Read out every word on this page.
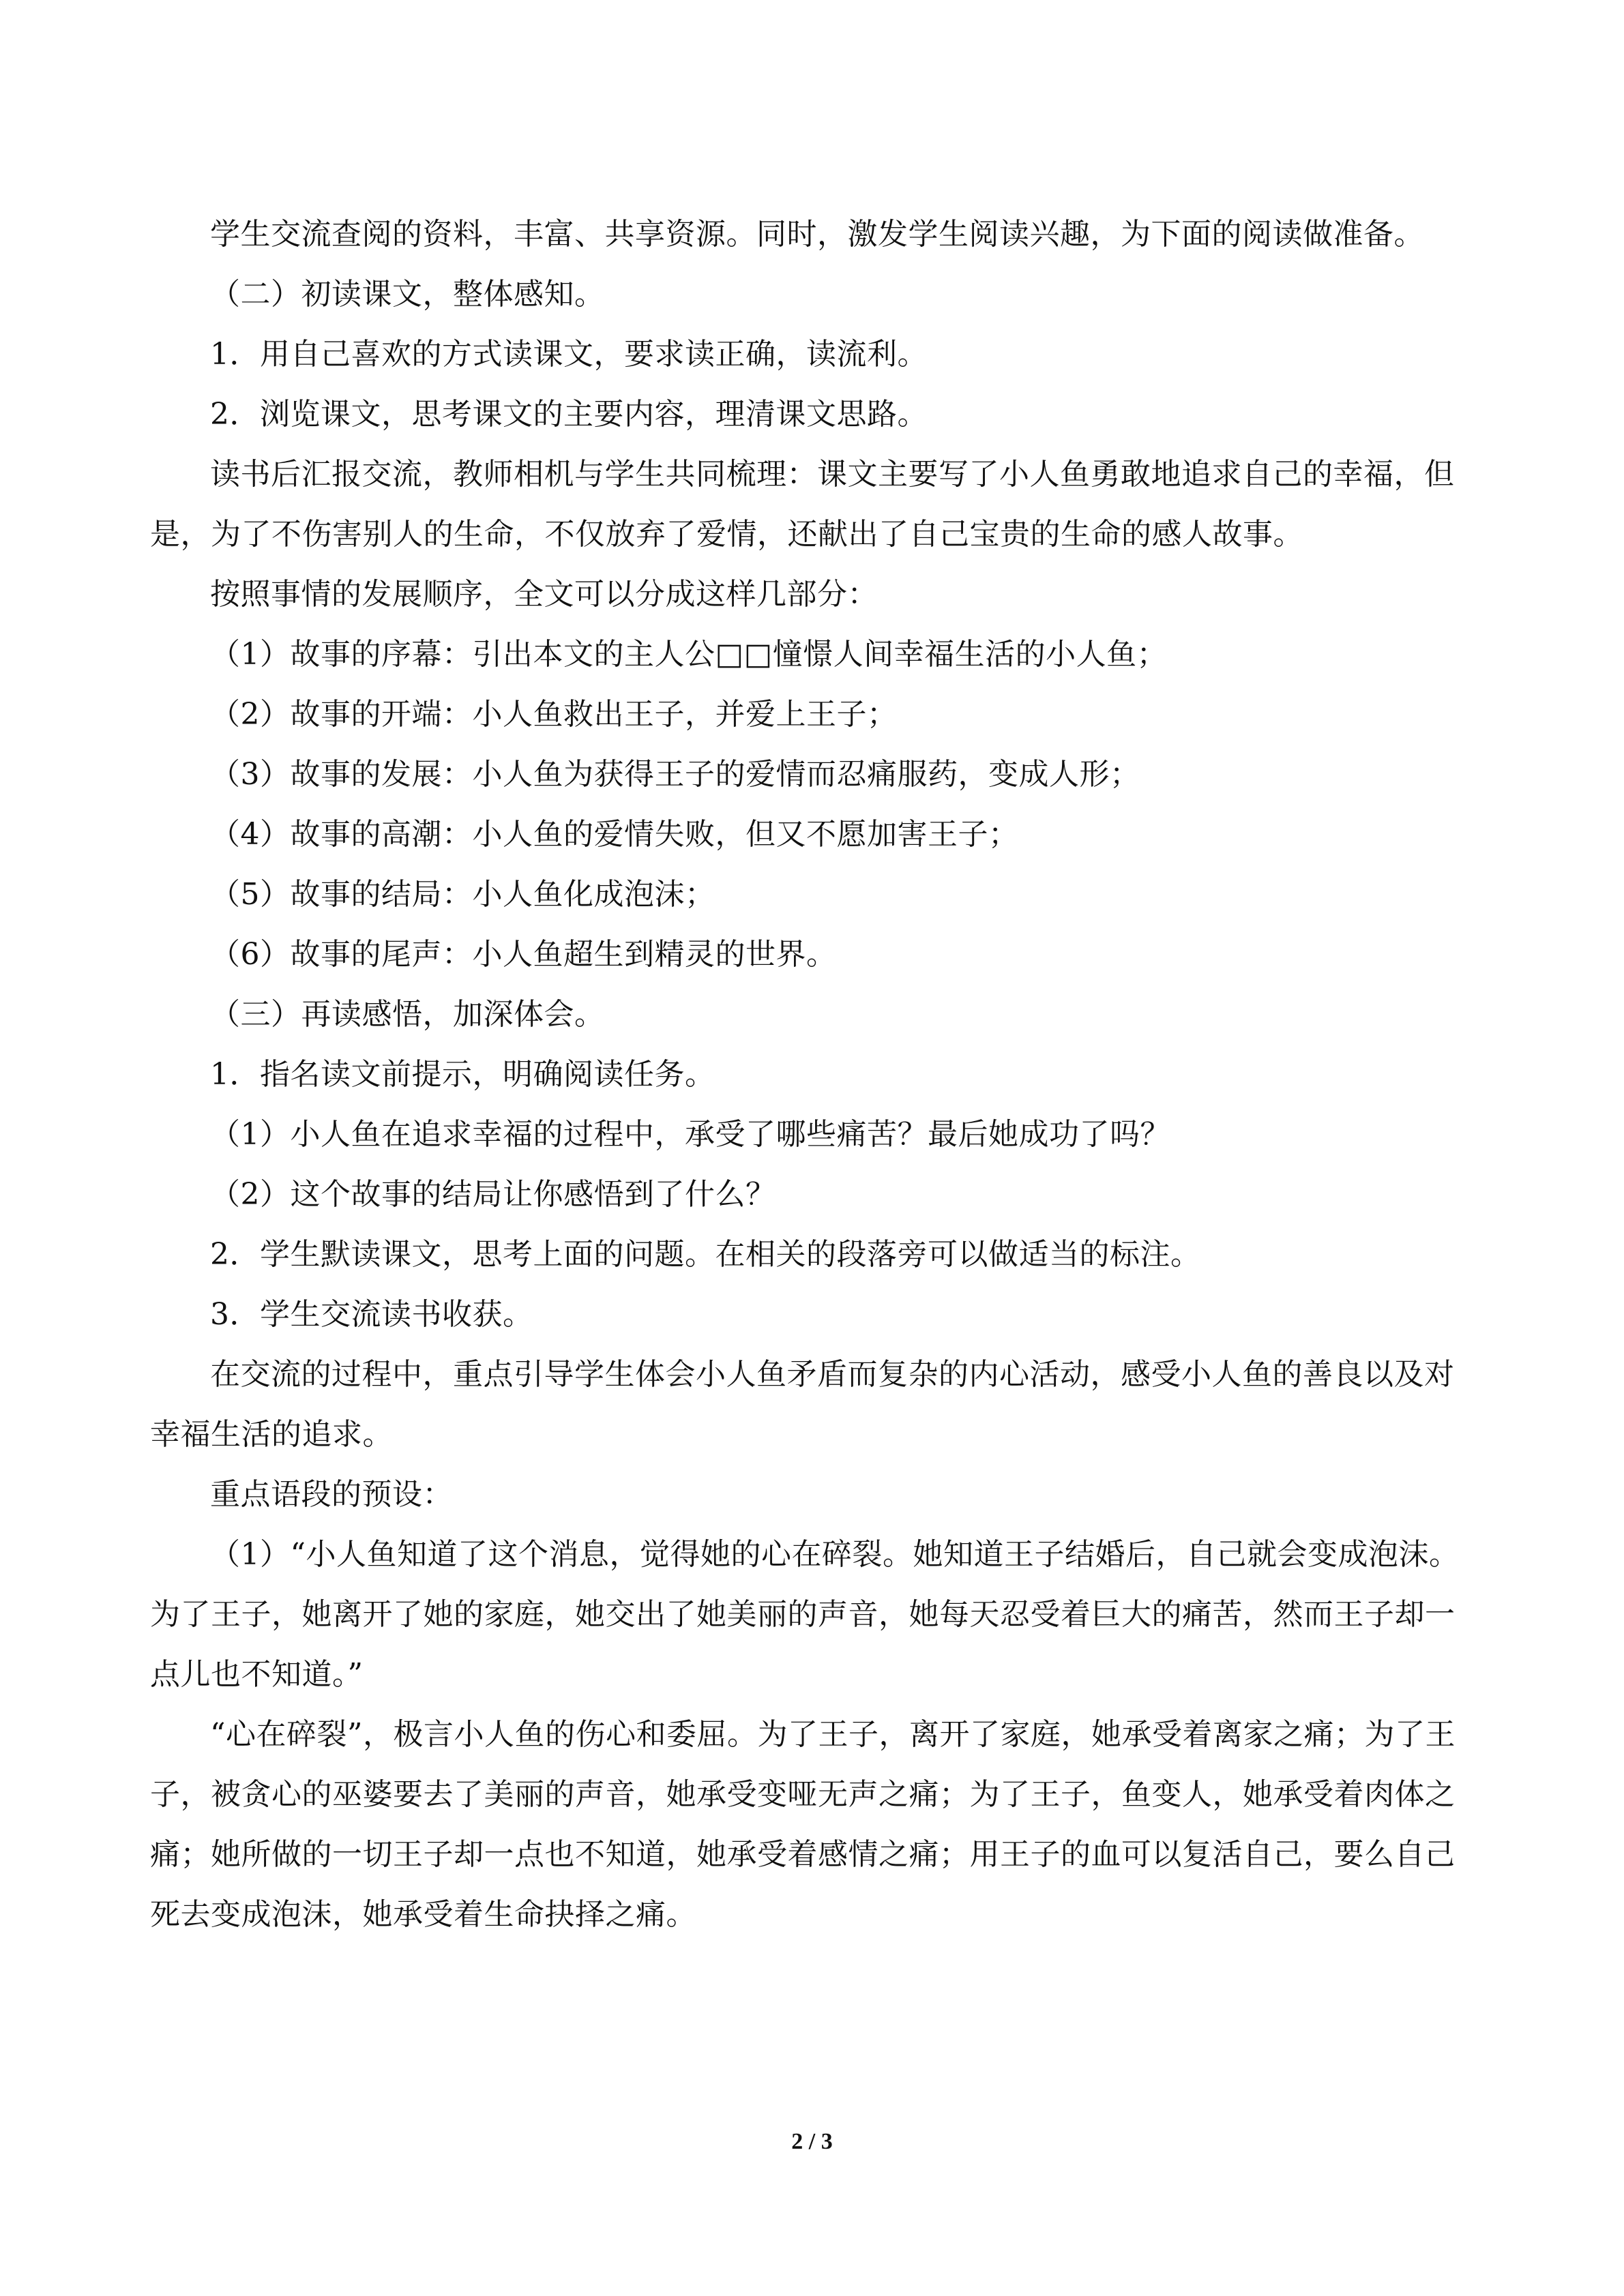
学生交流查阅的资料，丰富、共享资源。同时，激发学生阅读兴趣，为下面的阅读做准备。

（二）初读课文，整体感知。

1．用自己喜欢的方式读课文，要求读正确，读流利。

2．浏览课文，思考课文的主要内容，理清课文思路。

读书后汇报交流，教师相机与学生共同梳理：课文主要写了小人鱼勇敢地追求自己的幸福，但是，为了不伤害别人的生命，不仅放弃了爱情，还献出了自己宝贵的生命的感人故事。

按照事情的发展顺序，全文可以分成这样几部分：

（1）故事的序幕：引出本文的主人公□□憧憬人间幸福生活的小人鱼；

（2）故事的开端：小人鱼救出王子，并爱上王子；

（3）故事的发展：小人鱼为获得王子的爱情而忍痛服药，变成人形；

（4）故事的高潮：小人鱼的爱情失败，但又不愿加害王子；

（5）故事的结局：小人鱼化成泡沫；

（6）故事的尾声：小人鱼超生到精灵的世界。

（三）再读感悟，加深体会。

1．指名读文前提示，明确阅读任务。

（1）小人鱼在追求幸福的过程中，承受了哪些痛苦？最后她成功了吗？

（2）这个故事的结局让你感悟到了什么？

2．学生默读课文，思考上面的问题。在相关的段落旁可以做适当的标注。

3．学生交流读书收获。

在交流的过程中，重点引导学生体会小人鱼矛盾而复杂的内心活动，感受小人鱼的善良以及对幸福生活的追求。

重点语段的预设：

（1）“小人鱼知道了这个消息，觉得她的心在碎裂。她知道王子结婚后，自己就会变成泡沫。为了王子，她离开了她的家庭，她交出了她美丽的声音，她每天忍受着巨大的痛苦，然而王子却一点儿也不知道。”

“心在碎裂”，极言小人鱼的伤心和委屈。为了王子，离开了家庭，她承受着离家之痛；为了王子，被贪心的巫婆要去了美丽的声音，她承受变哑无声之痛；为了王子，鱼变人，她承受着肉体之痛；她所做的一切王子却一点也不知道，她承受着感情之痛；用王子的血可以复活自己，要么自己死去变成泡沫，她承受着生命抉择之痛。

2 / 3
